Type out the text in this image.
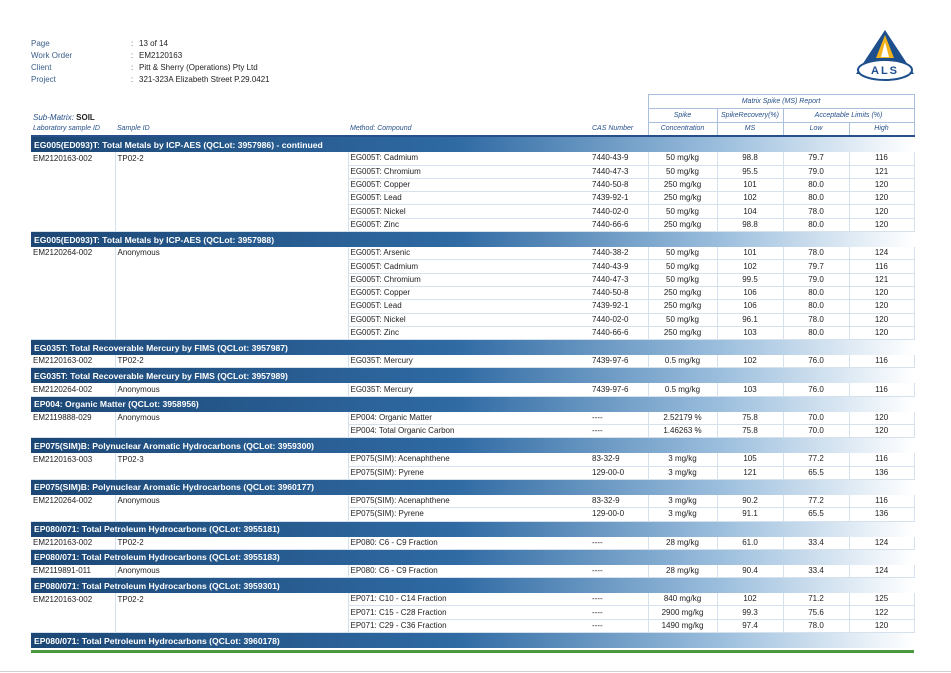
Page	: 13 of 14
Work Order	: EM2120163
Client	: Pitt & Sherry (Operations) Pty Ltd
Project	: 321-323A Elizabeth Street P.29.0421
ALS
Sub-Matrix: SOIL				Matrix Spike (MS) Report			
				Spike	SpikeRecovery(%)	Acceptable Limits (%)	
Laboratory sample ID	Sample ID	Method: Compound	CAS Number	Concentration	MS	Low	High
EG005(ED093)T: Total Metals by ICP-AES (QCLot: 3957986) - continued							
EM2120163-002	TP02-2	EG005T: Cadmium	7440-43-9	50 mg/kg	98.8	79.7	116
		EG005T: Chromium	7440-47-3	50 mg/kg	95.5	79.0	121
		EG005T: Copper	7440-50-8	250 mg/kg	101	80.0	120
		EG005T: Lead	7439-92-1	250 mg/kg	102	80.0	120
		EG005T: Nickel	7440-02-0	50 mg/kg	104	78.0	120
		EG005T: Zinc	7440-66-6	250 mg/kg	98.8	80.0	120
EG005(ED093)T: Total Metals by ICP-AES (QCLot: 3957988)							
EM2120264-002	Anonymous	EG005T: Arsenic	7440-38-2	50 mg/kg	101	78.0	124
		EG005T: Cadmium	7440-43-9	50 mg/kg	102	79.7	116
		EG005T: Chromium	7440-47-3	50 mg/kg	99.5	79.0	121
		EG005T: Copper	7440-50-8	250 mg/kg	106	80.0	120
		EG005T: Lead	7439-92-1	250 mg/kg	106	80.0	120
		EG005T: Nickel	7440-02-0	50 mg/kg	96.1	78.0	120
		EG005T: Zinc	7440-66-6	250 mg/kg	103	80.0	120
EG035T: Total Recoverable Mercury by FIMS (QCLot: 3957987)							
EM2120163-002	TP02-2	EG035T: Mercury	7439-97-6	0.5 mg/kg	102	76.0	116
EG035T: Total Recoverable Mercury by FIMS (QCLot: 3957989)							
EM2120264-002	Anonymous	EG035T: Mercury	7439-97-6	0.5 mg/kg	103	76.0	116
EP004: Organic Matter (QCLot: 3958956)							
EM2119888-029	Anonymous	EP004: Organic Matter	----	2.52179 %	75.8	70.0	120
		EP004: Total Organic Carbon	----	1.46263 %	75.8	70.0	120
EP075(SIM)B: Polynuclear Aromatic Hydrocarbons (QCLot: 3959300)							
EM2120163-003	TP02-3	EP075(SIM): Acenaphthene	83-32-9	3 mg/kg	105	77.2	116
		EP075(SIM): Pyrene	129-00-0	3 mg/kg	121	65.5	136
EP075(SIM)B: Polynuclear Aromatic Hydrocarbons (QCLot: 3960177)							
EM2120264-002	Anonymous	EP075(SIM): Acenaphthene	83-32-9	3 mg/kg	90.2	77.2	116
		EP075(SIM): Pyrene	129-00-0	3 mg/kg	91.1	65.5	136
EP080/071: Total Petroleum Hydrocarbons (QCLot: 3955181)							
EM2120163-002	TP02-2	EP080: C6 - C9 Fraction	----	28 mg/kg	61.0	33.4	124
EP080/071: Total Petroleum Hydrocarbons (QCLot: 3955183)							
EM2119891-011	Anonymous	EP080: C6 - C9 Fraction	----	28 mg/kg	90.4	33.4	124
EP080/071: Total Petroleum Hydrocarbons (QCLot: 3959301)							
EM2120163-002	TP02-2	EP071: C10 - C14 Fraction	----	840 mg/kg	102	71.2	125
		EP071: C15 - C28 Fraction	----	2900 mg/kg	99.3	75.6	122
		EP071: C29 - C36 Fraction	----	1490 mg/kg	97.4	78.0	120
EP080/071: Total Petroleum Hydrocarbons (QCLot: 3960178)							
